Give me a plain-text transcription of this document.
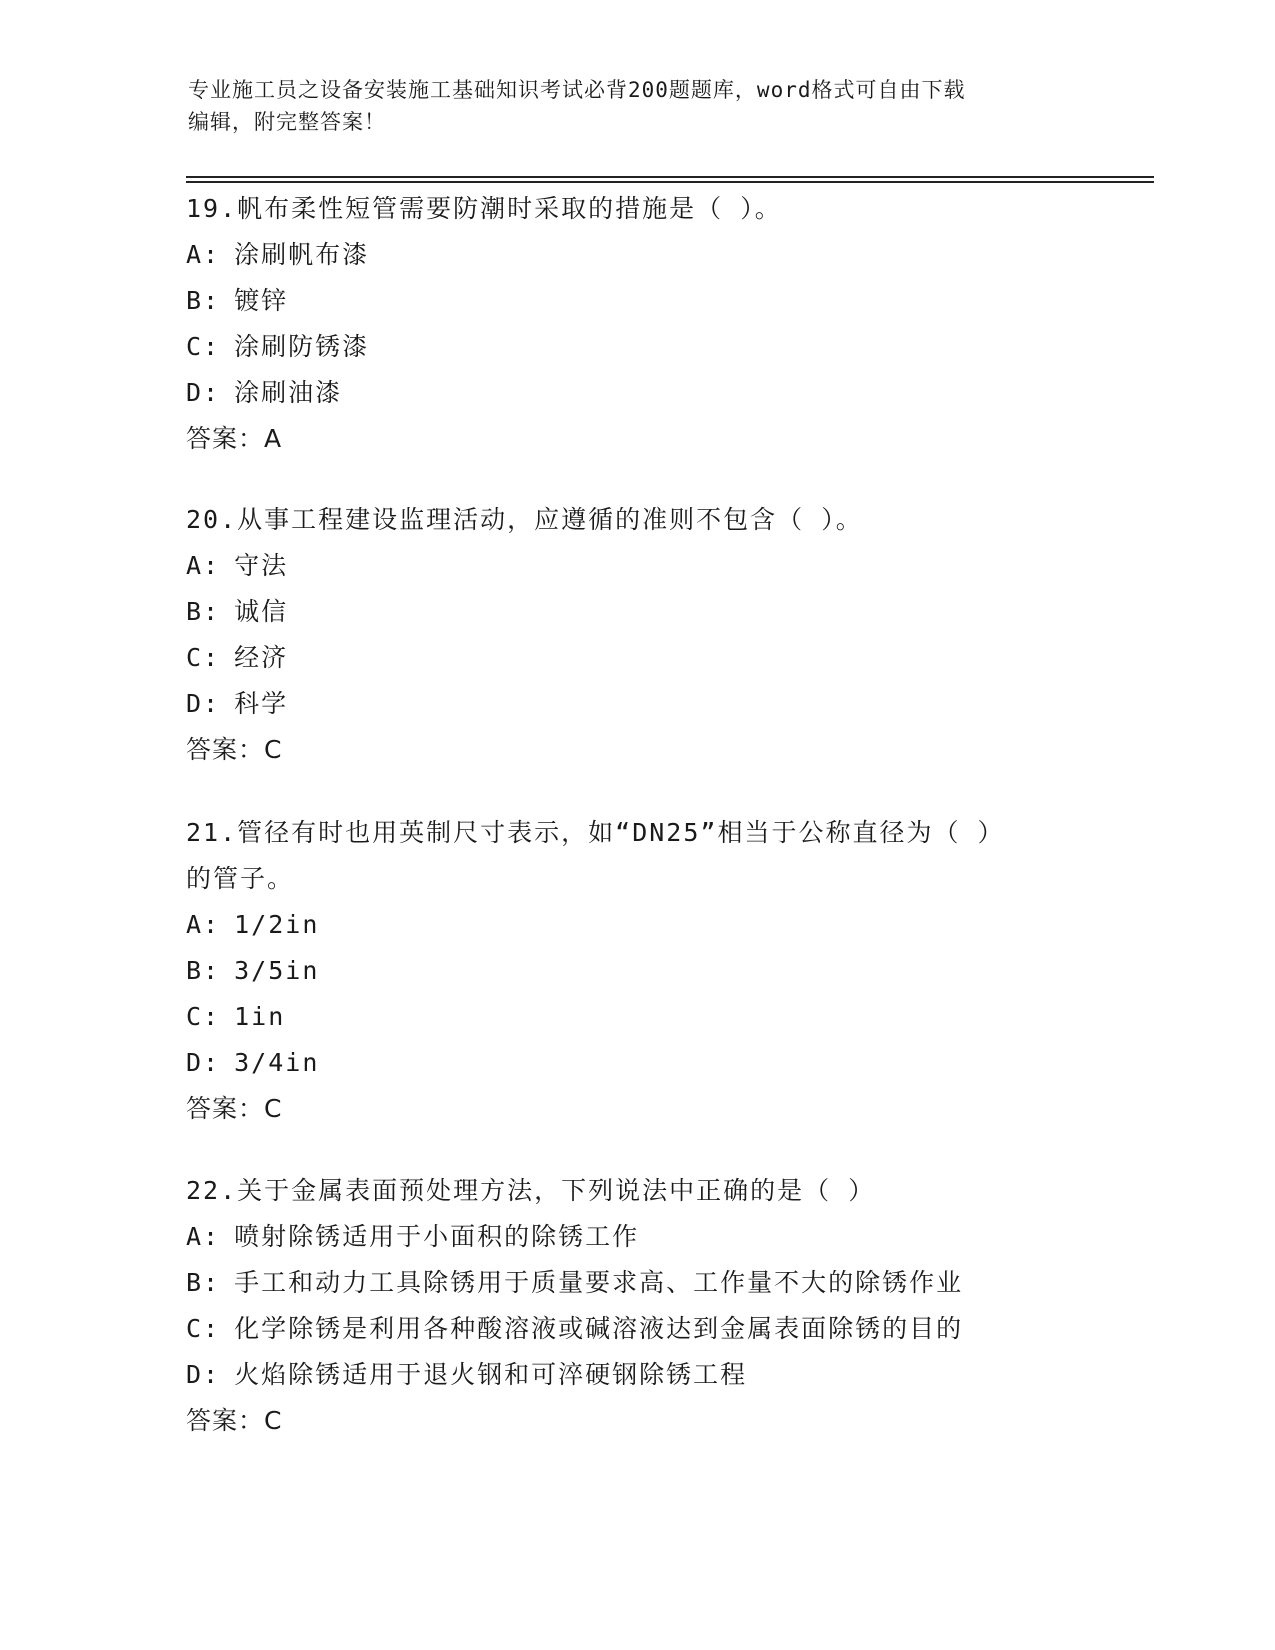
专业施工员之设备安装施工基础知识考试必背200题题库，word格式可自由下载
编辑，附完整答案！
19.帆布柔性短管需要防潮时采取的措施是（ ）。
A: 涂刷帆布漆
B: 镀锌
C: 涂刷防锈漆
D: 涂刷油漆
答案：A
20.从事工程建设监理活动，应遵循的准则不包含（ ）。
A: 守法
B: 诚信
C: 经济
D: 科学
答案：C
21.管径有时也用英制尺寸表示，如“DN25”相当于公称直径为（ ）
的管子。
A: 1/2in
B: 3/5in
C: 1in
D: 3/4in
答案：C
22.关于金属表面预处理方法，下列说法中正确的是（ ）
A: 喷射除锈适用于小面积的除锈工作
B: 手工和动力工具除锈用于质量要求高、工作量不大的除锈作业
C: 化学除锈是利用各种酸溶液或碱溶液达到金属表面除锈的目的
D: 火焰除锈适用于退火钢和可淬硬钢除锈工程
答案：C
